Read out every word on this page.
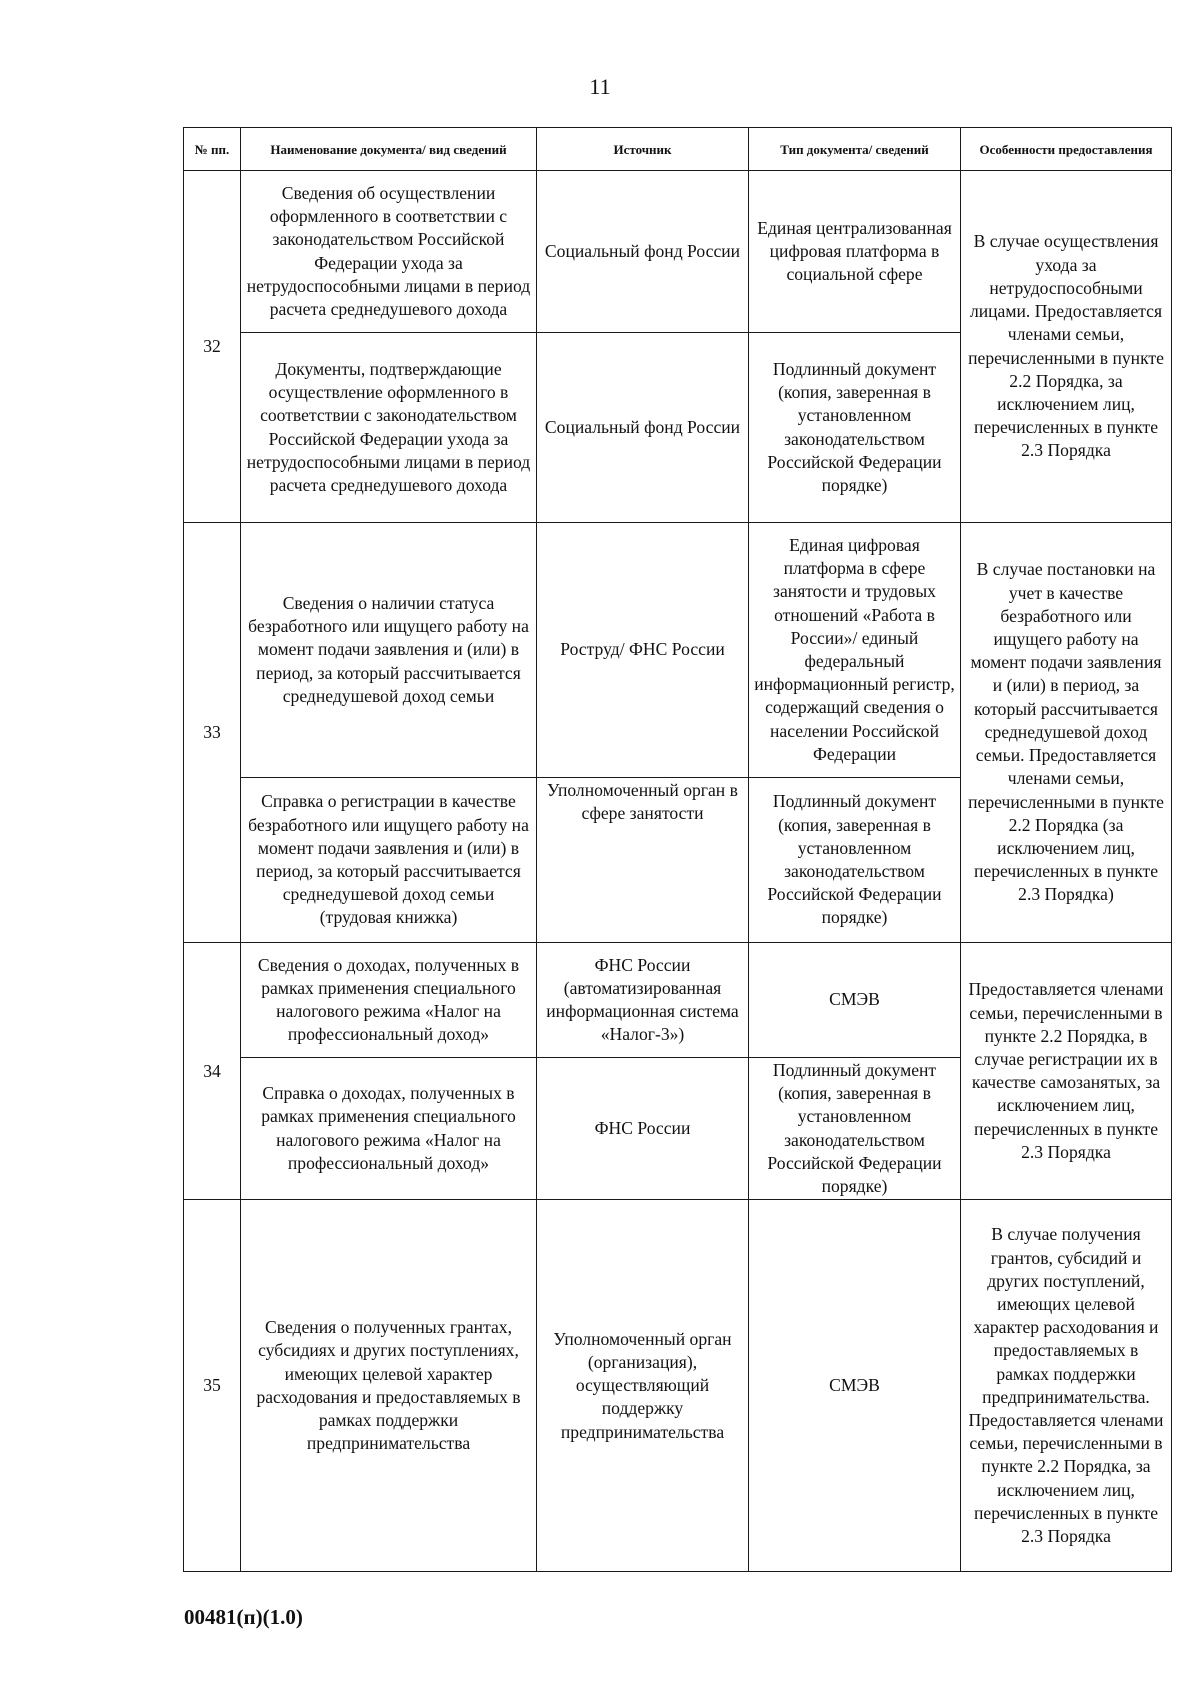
11
№ пп.	Наименование документа/ вид сведений	Источник	Тип документа/ сведений	Особенности предоставления
32	Сведения об осуществлении оформленного в соответствии с законодательством Российской Федерации ухода за нетрудоспособными лицами в период расчета среднедушевого дохода	Социальный фонд России	Единая централизованная цифровая платформа в социальной сфере	В случае осуществления ухода за нетрудоспособными лицами. Предоставляется членами семьи, перечисленными в пункте 2.2 Порядка, за исключением лиц, перечисленных в пункте 2.3 Порядка
	Документы, подтверждающие осуществление оформленного в соответствии с законодательством Российской Федерации ухода за нетрудоспособными лицами в период расчета среднедушевого дохода	Социальный фонд России	Подлинный документ (копия, заверенная в установленном законодательством Российской Федерации порядке)	
33	Сведения о наличии статуса безработного или ищущего работу на момент подачи заявления и (или) в период, за который рассчитывается среднедушевой доход семьи	Роструд/ ФНС России	Единая цифровая платформа в сфере занятости и трудовых отношений «Работа в России»/ единый федеральный информационный регистр, содержащий сведения о населении Российской Федерации	В случае постановки на учет в качестве безработного или ищущего работу на момент подачи заявления и (или) в период, за который рассчитывается среднедушевой доход семьи. Предоставляется членами семьи, перечисленными в пункте 2.2 Порядка (за исключением лиц, перечисленных в пункте 2.3 Порядка)
	Справка о регистрации в качестве безработного или ищущего работу на момент подачи заявления и (или) в период, за который рассчитывается среднедушевой доход семьи (трудовая книжка)	Уполномоченный орган в сфере занятости	Подлинный документ (копия, заверенная в установленном законодательством Российской Федерации порядке)	
34	Сведения о доходах, полученных в рамках применения специального налогового режима «Налог на профессиональный доход»	ФНС России (автоматизированная информационная система «Налог-3»)	СМЭВ	Предоставляется членами семьи, перечисленными в пункте 2.2 Порядка, в случае регистрации их в качестве самозанятых, за исключением лиц, перечисленных в пункте 2.3 Порядка
	Справка о доходах, полученных в рамках применения специального налогового режима «Налог на профессиональный доход»	ФНС России	Подлинный документ (копия, заверенная в установленном законодательством Российской Федерации порядке)	
35	Сведения о полученных грантах, субсидиях и других поступлениях, имеющих целевой характер расходования и предоставляемых в рамках поддержки предпринимательства	Уполномоченный орган (организация), осуществляющий поддержку предпринимательства	СМЭВ	В случае получения грантов, субсидий и других поступлений, имеющих целевой характер расходования и предоставляемых в рамках поддержки предпринимательства. Предоставляется членами семьи, перечисленными в пункте 2.2 Порядка, за исключением лиц, перечисленных в пункте 2.3 Порядка
00481(п)(1.0)
